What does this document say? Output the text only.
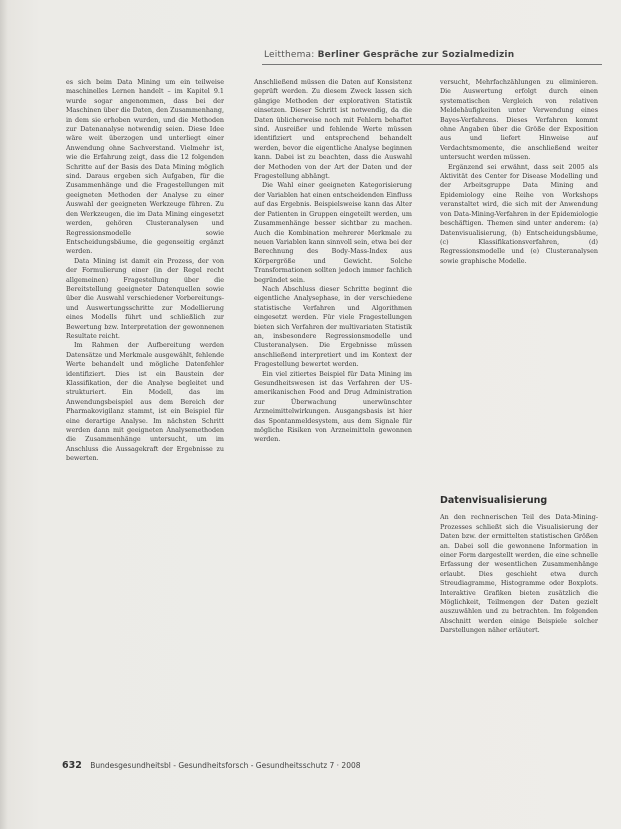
Leitthema: Berliner Gespräche zur Sozialmedizin

es sich beim Data Mining um ein teilweise maschinelles Lernen handelt – im Kapitel 9.1 wurde sogar angenommen, dass bei der Maschinen über die Daten, den Zusammenhang, in dem sie erhoben wurden, und die Methoden zur Datenanalyse notwendig seien. Diese Idee wäre weit überzogen und unterliegt einer Anwendung ohne Sachverstand. Vielmehr ist, wie die Erfahrung zeigt, dass die 12 folgenden Schritte auf der Basis des Data Mining möglich sind. Daraus ergeben sich Aufgaben, für die Zusammenhänge und die Fragestellungen mit geeigneten Methoden der Analyse zu einer Auswahl der geeigneten Werkzeuge führen. Zu den Werkzeugen, die im Data Mining eingesetzt werden, gehören Clusteranalysen und Regressionsmodelle sowie Entscheidungsbäume, die gegenseitig ergänzt werden.

Data Mining ist damit ein Prozess, der von der Formulierung einer (in der Regel recht allgemeinen) Fragestellung über die Bereitstellung geeigneter Datenquellen sowie über die Auswahl verschiedener Vorbereitungs- und Auswertungsschritte zur Modellierung eines Modells führt und schließlich zur Bewertung bzw. Interpretation der gewonnenen Resultate reicht.

Im Rahmen der Aufbereitung werden Datensätze und Merkmale ausgewählt, fehlende Werte behandelt und mögliche Datenfehler identifiziert. Dies ist ein Baustein der Klassifikation, der die Analyse begleitet und strukturiert. Ein Modell, das im Anwendungsbeispiel aus dem Bereich der Pharmakovigilanz stammt, ist ein Beispiel für eine derartige Analyse. Im nächsten Schritt werden dann mit geeigneten Analysemethoden die Zusammenhänge untersucht, um im Anschluss die Aussagekraft der Ergebnisse zu bewerten.

Anschließend müssen die Daten auf Konsistenz geprüft werden. Zu diesem Zweck lassen sich gängige Methoden der explorativen Statistik einsetzen. Dieser Schritt ist notwendig, da die Daten üblicherweise noch mit Fehlern behaftet sind. Ausreißer und fehlende Werte müssen identifiziert und entsprechend behandelt werden, bevor die eigentliche Analyse beginnen kann. Dabei ist zu beachten, dass die Auswahl der Methoden von der Art der Daten und der Fragestellung abhängt.

Die Wahl einer geeigneten Kategorisierung der Variablen hat einen entscheidenden Einfluss auf das Ergebnis. Beispielsweise kann das Alter der Patienten in Gruppen eingeteilt werden, um Zusammenhänge besser sichtbar zu machen. Auch die Kombination mehrerer Merkmale zu neuen Variablen kann sinnvoll sein, etwa bei der Berechnung des Body-Mass-Index aus Körpergröße und Gewicht. Solche Transformationen sollten jedoch immer fachlich begründet sein.

Nach Abschluss dieser Schritte beginnt die eigentliche Analysephase, in der verschiedene statistische Verfahren und Algorithmen eingesetzt werden. Für viele Fragestellungen bieten sich Verfahren der multivariaten Statistik an, insbesondere Regressionsmodelle und Clusteranalysen. Die Ergebnisse müssen anschließend interpretiert und im Kontext der Fragestellung bewertet werden.

Ein viel zitiertes Beispiel für Data Mining im Gesundheitswesen ist das Verfahren der US-amerikanischen Food and Drug Administration zur Überwachung unerwünschter Arzneimittelwirkungen. Ausgangsbasis ist hier das Spontanmeldesystem, aus dem Signale für mögliche Risiken von Arzneimitteln gewonnen werden.

versucht, Mehrfachzählungen zu eliminieren. Die Auswertung erfolgt durch einen systematischen Vergleich von relativen Meldehäufigkeiten unter Verwendung eines Bayes-Verfahrens. Dieses Verfahren kommt ohne Angaben über die Größe der Exposition aus und liefert Hinweise auf Verdachtsmomente, die anschließend weiter untersucht werden müssen.

Ergänzend sei erwähnt, dass seit 2005 als Aktivität des Center for Disease Modelling und der Arbeitsgruppe Data Mining and Epidemiology eine Reihe von Workshops veranstaltet wird, die sich mit der Anwendung von Data-Mining-Verfahren in der Epidemiologie beschäftigen. Themen sind unter anderem: (a) Datenvisualisierung, (b) Entscheidungsbäume, (c) Klassifikationsverfahren, (d) Regressionsmodelle und (e) Clusteranalysen sowie graphische Modelle.

Datenvisualisierung

An den rechnerischen Teil des Data-Mining-Prozesses schließt sich die Visualisierung der Daten bzw. der ermittelten statistischen Größen an. Dabei soll die gewonnene Information in einer Form dargestellt werden, die eine schnelle Erfassung der wesentlichen Zusammenhänge erlaubt. Dies geschieht etwa durch Streudiagramme, Histogramme oder Boxplots. Interaktive Grafiken bieten zusätzlich die Möglichkeit, Teilmengen der Daten gezielt auszuwählen und zu betrachten. Im folgenden Abschnitt werden einige Beispiele solcher Darstellungen näher erläutert.

632 Bundesgesundheitsbl - Gesundheitsforsch - Gesundheitsschutz 7 · 2008
